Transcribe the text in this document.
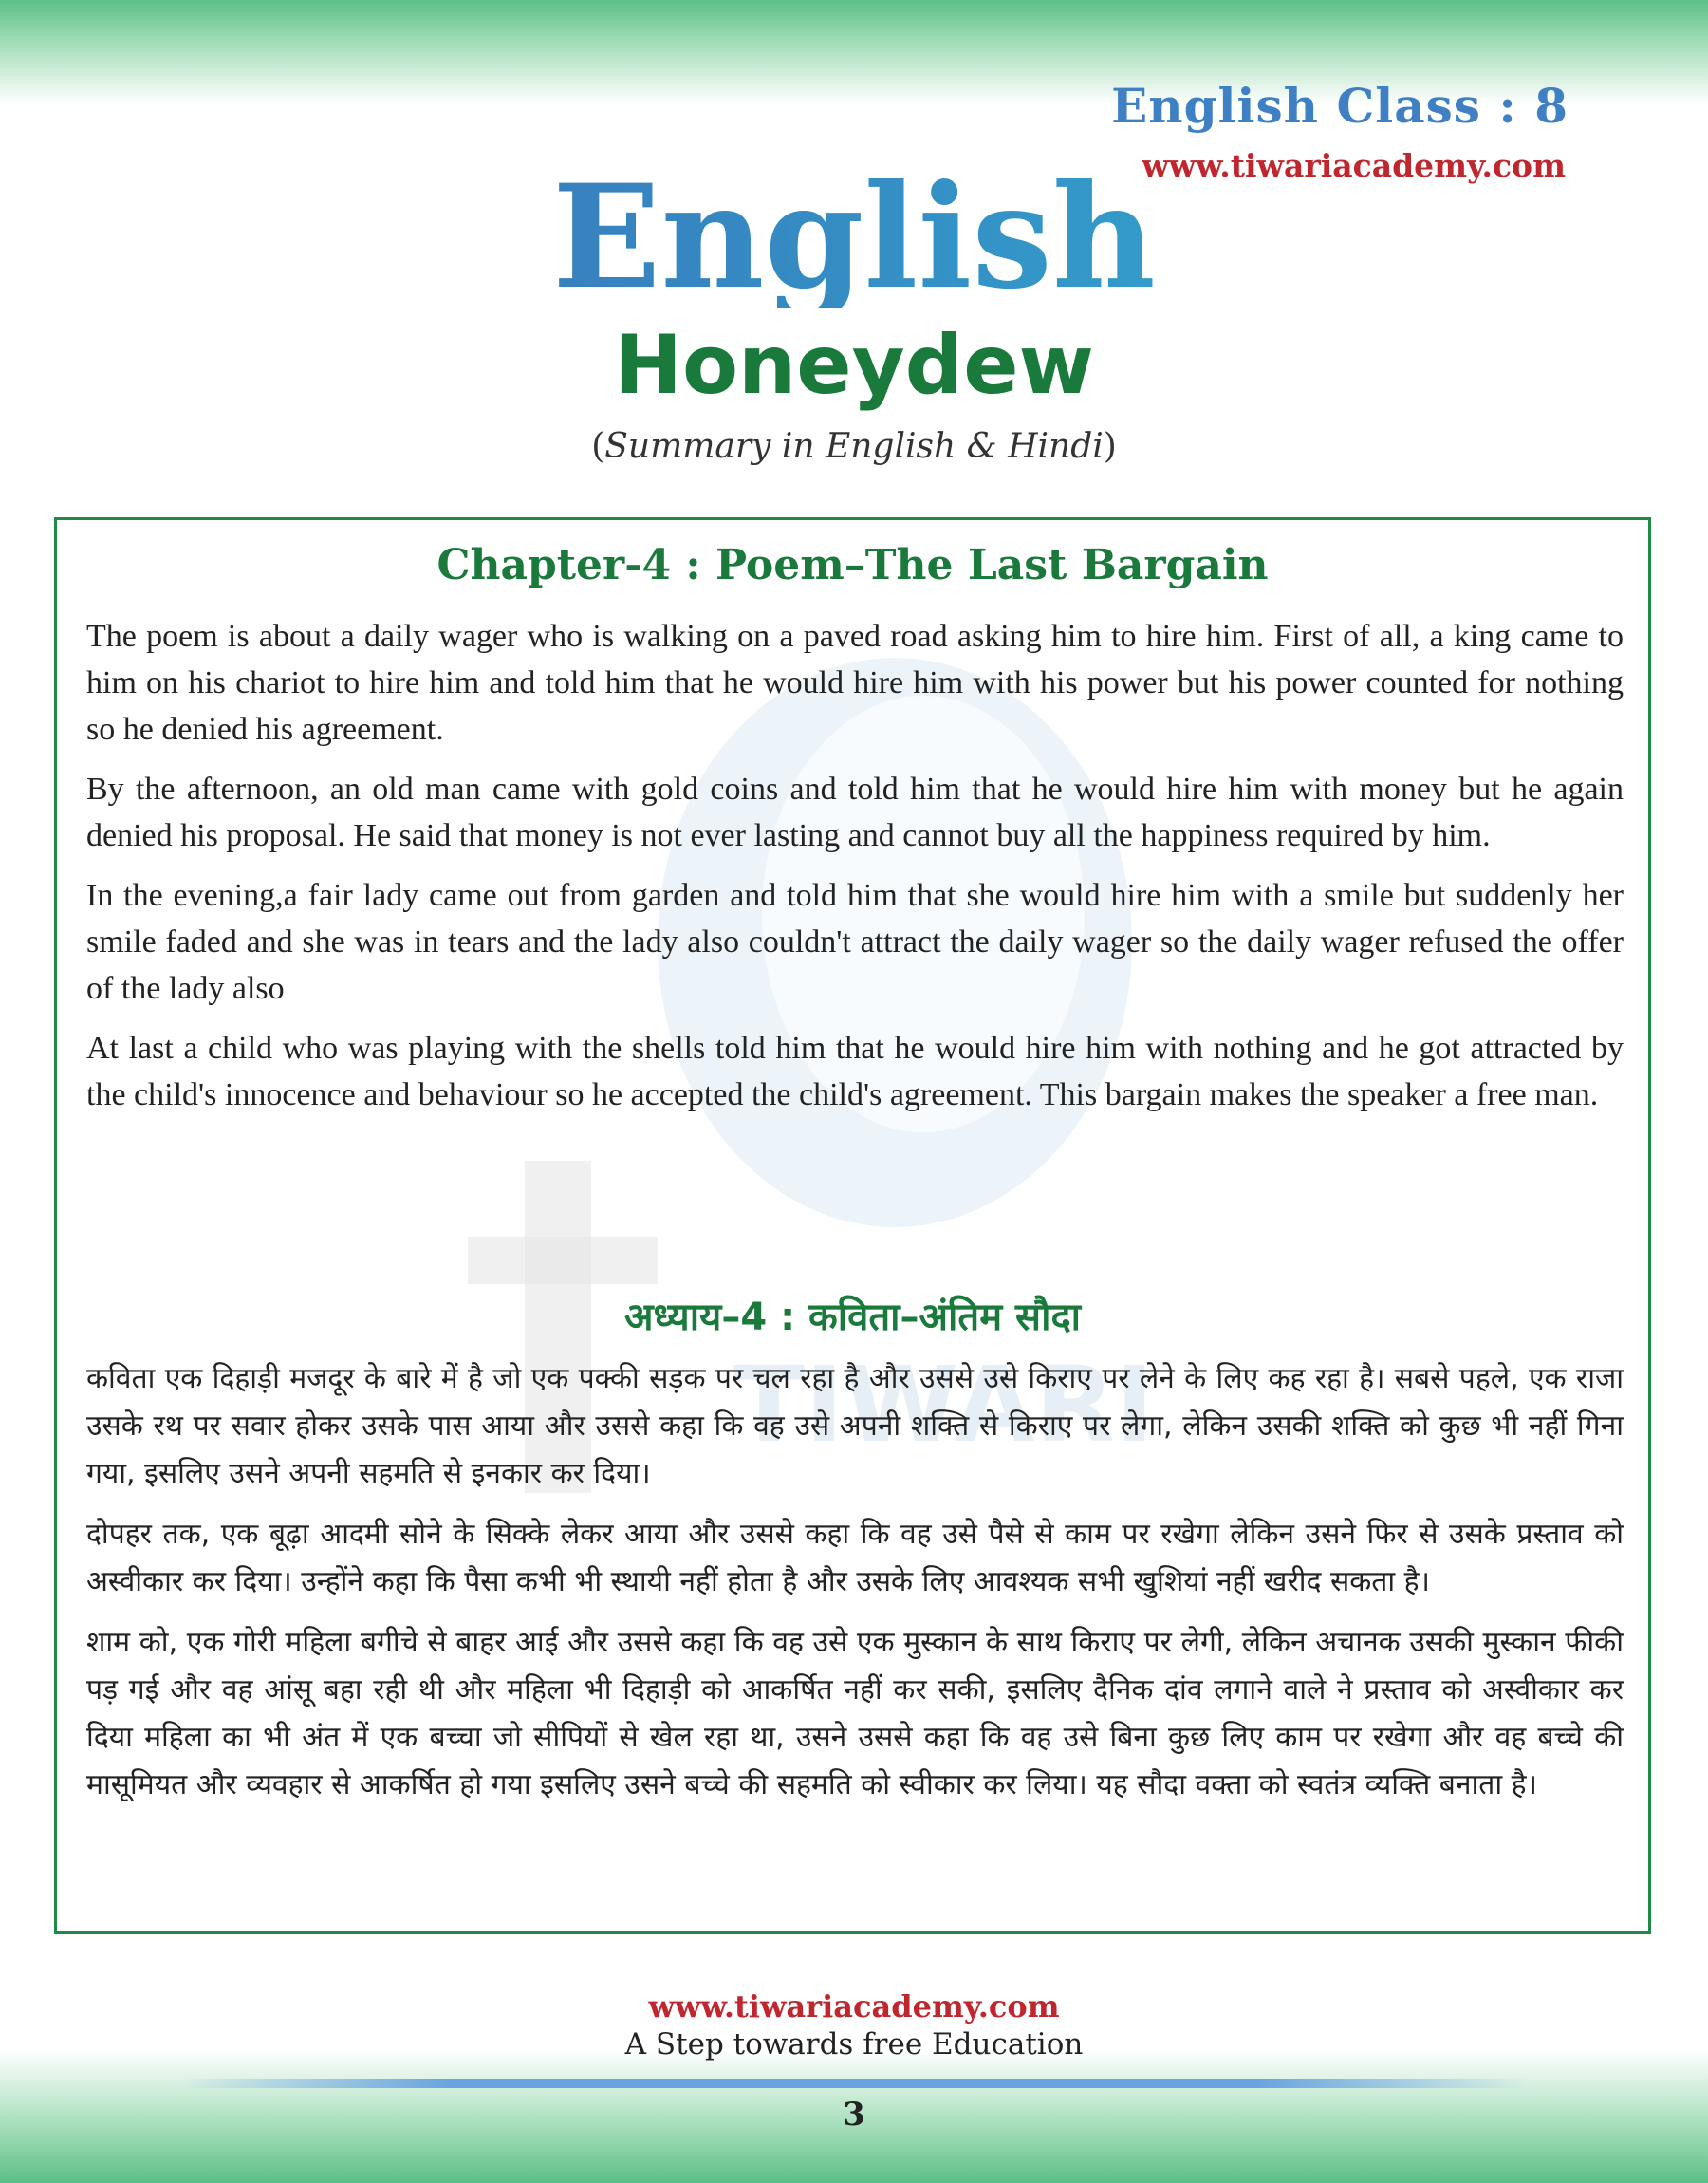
English Class : 8
English
Honeydew
(Summary in English & Hindi)
TIWARI
Chapter-4 : Poem–The Last Bargain

The poem is about a daily wager who is walking on a paved road asking him to hire him. First of all, a king came to him on his chariot to hire him and told him that he would hire him with his power but his power counted for nothing so he denied his agreement.

By the afternoon, an old man came with gold coins and told him that he would hire him with money but he again denied his proposal. He said that money is not ever lasting and cannot buy all the happiness required by him.

In the evening,a fair lady came out from garden and told him that she would hire him with a smile but suddenly her smile faded and she was in tears and the lady also couldn't attract the daily wager so the daily wager refused the offer of the lady also

At last a child who was playing with the shells told him that he would hire him with nothing and he got attracted by the child's innocence and behaviour so he accepted the child's agreement. This bargain makes the speaker a free man.

अध्याय–4 : कविता–अंतिम सौदा

कविता एक दिहाड़ी मजदूर के बारे में है जो एक पक्की सड़क पर चल रहा है और उससे उसे किराए पर लेने के लिए कह रहा है। सबसे पहले, एक राजा उसके रथ पर सवार होकर उसके पास आया और उससे कहा कि वह उसे अपनी शक्ति से किराए पर लेगा, लेकिन उसकी शक्ति को कुछ भी नहीं गिना गया, इसलिए उसने अपनी सहमति से इनकार कर दिया।

दोपहर तक, एक बूढ़ा आदमी सोने के सिक्के लेकर आया और उससे कहा कि वह उसे पैसे से काम पर रखेगा लेकिन उसने फिर से उसके प्रस्ताव को अस्वीकार कर दिया। उन्होंने कहा कि पैसा कभी भी स्थायी नहीं होता है और उसके लिए आवश्यक सभी खुशियां नहीं खरीद सकता है।

शाम को, एक गोरी महिला बगीचे से बाहर आई और उससे कहा कि वह उसे एक मुस्कान के साथ किराए पर लेगी, लेकिन अचानक उसकी मुस्कान फीकी पड़ गई और वह आंसू बहा रही थी और महिला भी दिहाड़ी को आकर्षित नहीं कर सकी, इसलिए दैनिक दांव लगाने वाले ने प्रस्ताव को अस्वीकार कर दिया महिला का भी अंत में एक बच्चा जो सीपियों से खेल रहा था, उसने उससे कहा कि वह उसे बिना कुछ लिए काम पर रखेगा और वह बच्चे की मासूमियत और व्यवहार से आकर्षित हो गया इसलिए उसने बच्चे की सहमति को स्वीकार कर लिया। यह सौदा वक्ता को स्वतंत्र व्यक्ति बनाता है।

www.tiwariacademy.com
A Step towards free Education
3
